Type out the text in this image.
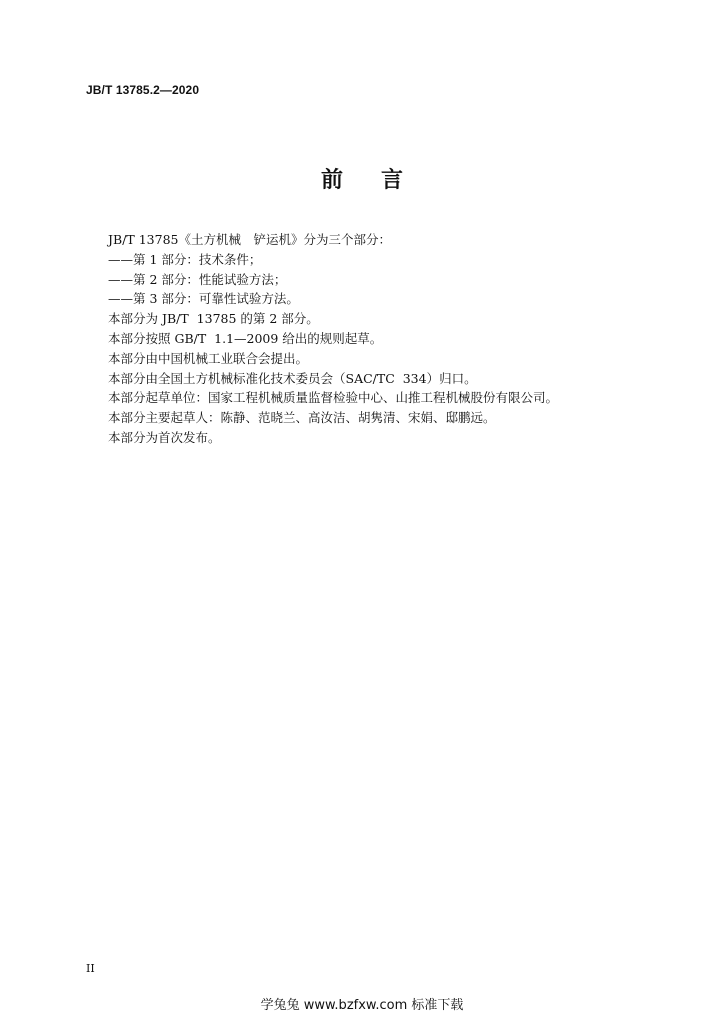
JB/T 13785.2—2020
前 言
JB/T 13785《土方机械　铲运机》分为三个部分：
——第 1 部分：技术条件；
——第 2 部分：性能试验方法；
——第 3 部分：可靠性试验方法。
本部分为 JB/T  13785 的第 2 部分。
本部分按照 GB/T  1.1—2009 给出的规则起草。
本部分由中国机械工业联合会提出。
本部分由全国土方机械标准化技术委员会（SAC/TC  334）归口。
本部分起草单位：国家工程机械质量监督检验中心、山推工程机械股份有限公司。
本部分主要起草人：陈静、范晓兰、高汝洁、胡隽清、宋娟、邸鹏远。
本部分为首次发布。
II
学兔兔 www.bzfxw.com 标准下载
